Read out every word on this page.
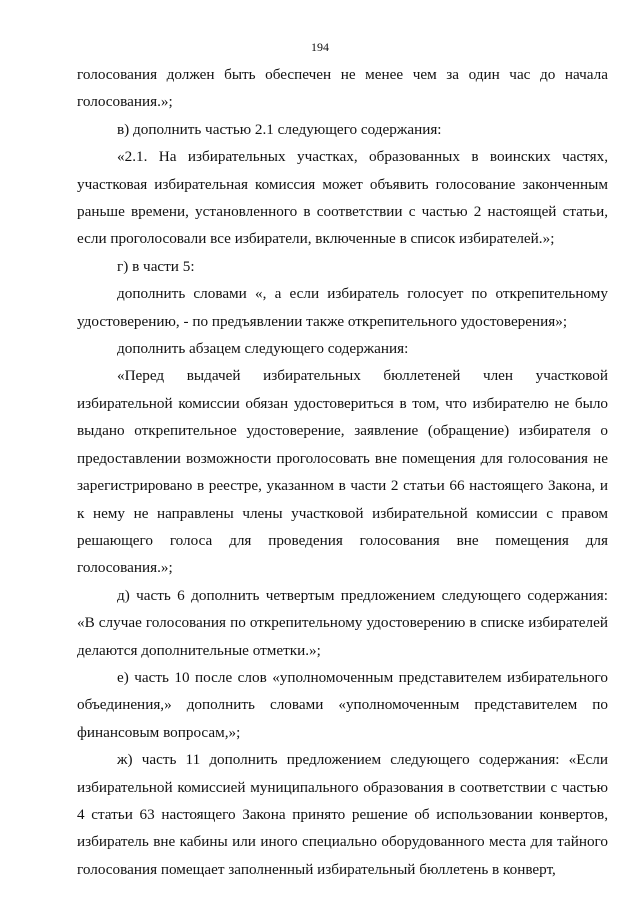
194

голосования должен быть обеспечен не менее чем за один час до начала голосования.»;

в) дополнить частью 2.1 следующего содержания:

«2.1. На избирательных участках, образованных в воинских частях, участковая избирательная комиссия может объявить голосование законченным раньше времени, установленного в соответствии с частью 2 настоящей статьи, если проголосовали все избиратели, включенные в список избирателей.»;

г) в части 5:

дополнить словами «, а если избиратель голосует по открепительному удостоверению, - по предъявлении также открепительного удостоверения»;

дополнить абзацем следующего содержания:

«Перед выдачей избирательных бюллетеней член участковой избирательной комиссии обязан удостовериться в том, что избирателю не было выдано открепительное удостоверение, заявление (обращение) избирателя о предоставлении возможности проголосовать вне помещения для голосования не зарегистрировано в реестре, указанном в части 2 статьи 66 настоящего Закона, и к нему не направлены члены участковой избирательной комиссии с правом решающего голоса для проведения голосования вне помещения для голосования.»;

д) часть 6 дополнить четвертым предложением следующего содержания: «В случае голосования по открепительному удостоверению в списке избирателей делаются дополнительные отметки.»;

е) часть 10 после слов «уполномоченным представителем избирательного объединения,» дополнить словами «уполномоченным представителем по финансовым вопросам,»;

ж) часть 11 дополнить предложением следующего содержания: «Если избирательной комиссией муниципального образования в соответствии с частью 4 статьи 63 настоящего Закона принято решение об использовании конвертов, избиратель вне кабины или иного специально оборудованного места для тайного голосования помещает заполненный избирательный бюллетень в конверт,
